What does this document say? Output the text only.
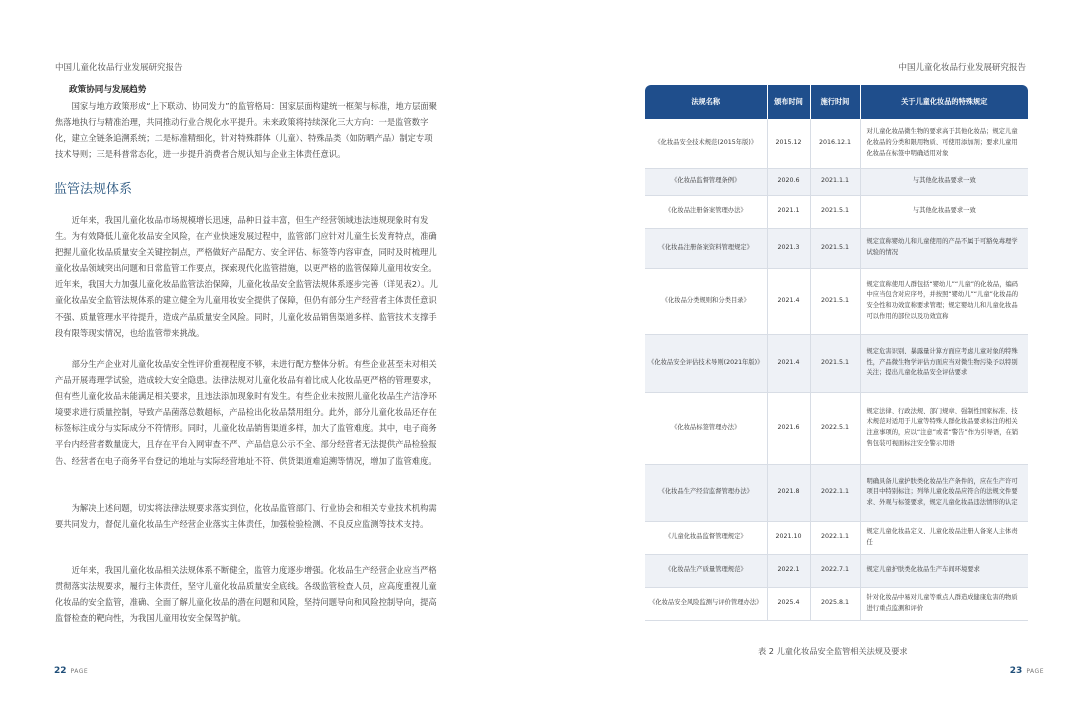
中国儿童化妆品行业发展研究报告
政策协同与发展趋势

国家与地方政策形成“上下联动、协同发力”的监管格局：国家层面构建统一框架与标准，地方层面聚焦落地执行与精准治理，共同推动行业合规化水平提升。未来政策将持续深化三大方向：一是监管数字化，建立全链条追溯系统；二是标准精细化，针对特殊群体（儿童）、特殊品类（如防晒产品）制定专项技术导则；三是科普常态化，进一步提升消费者合规认知与企业主体责任意识。

监管法规体系

近年来，我国儿童化妆品市场规模增长迅速，品种日益丰富，但生产经营领域违法违规现象时有发生。为有效降低儿童化妆品安全风险，在产业快速发展过程中，监管部门应针对儿童生长发育特点，准确把握儿童化妆品质量安全关键控制点，严格做好产品配方、安全评估、标签等内容审查，同时及时梳理儿童化妆品领域突出问题和日常监管工作要点，探索现代化监管措施，以更严格的监管保障儿童用妆安全。近年来，我国大力加强儿童化妆品监管法治保障，儿童化妆品安全监管法规体系逐步完善（详见表2）。儿童化妆品安全监管法规体系的建立健全为儿童用妆安全提供了保障，但仍有部分生产经营者主体责任意识不强、质量管理水平待提升，造成产品质量安全风险。同时，儿童化妆品销售渠道多样、监管技术支撑手段有限等现实情况，也给监管带来挑战。

部分生产企业对儿童化妆品安全性评价重视程度不够，未进行配方整体分析。有些企业甚至未对相关产品开展毒理学试验，造成较大安全隐患。法律法规对儿童化妆品有着比成人化妆品更严格的管理要求，但有些儿童化妆品未能满足相关要求，且违法添加现象时有发生。有些企业未按照儿童化妆品生产洁净环境要求进行质量控制，导致产品菌落总数超标，产品检出化妆品禁用组分。此外，部分儿童化妆品还存在标签标注成分与实际成分不符情形。同时，儿童化妆品销售渠道多样，加大了监管难度。其中，电子商务平台内经营者数量庞大，且存在平台入网审查不严、产品信息公示不全、部分经营者无法提供产品检验报告、经营者在电子商务平台登记的地址与实际经营地址不符、供货渠道难追溯等情况，增加了监管难度。

为解决上述问题，切实将法律法规要求落实到位，化妆品监管部门、行业协会和相关专业技术机构需要共同发力，督促儿童化妆品生产经营企业落实主体责任，加强检验检测、不良反应监测等技术支持。

近年来，我国儿童化妆品相关法规体系不断健全，监管力度逐步增强。化妆品生产经营企业应当严格贯彻落实法规要求，履行主体责任，坚守儿童化妆品质量安全底线。各级监管检查人员，应高度重视儿童化妆品的安全监管，准确、全面了解儿童化妆品的潜在问题和风险，坚持问题导向和风险控制导向，提高监督检查的靶向性，为我国儿童用妆安全保驾护航。

22 PAGE
中国儿童化妆品行业发展研究报告
23 PAGE
法规名称	颁布时间	施行时间	关于儿童化妆品的特殊规定
《化妆品安全技术规范(2015年版)》	2015.12	2016.12.1	对儿童化妆品微生物的要求高于其他化妆品；规定儿童化妆品的分类和限用物质、可使用添加剂；要求儿童用化妆品在标签中明确适用对象
《化妆品监督管理条例》	2020.6	2021.1.1	与其他化妆品要求一致
《化妆品注册备案管理办法》	2021.1	2021.5.1	与其他化妆品要求一致
《化妆品注册备案资料管理规定》	2021.3	2021.5.1	规定宣称婴幼儿和儿童使用的产品不属于可豁免毒理学试验的情况
《化妆品分类规则和分类目录》	2021.4	2021.5.1	规定宣称使用人群包括“婴幼儿”“儿童”的化妆品，编码中应当包含对应序号，并按照“婴幼儿”“儿童”化妆品的安全性和功效宣称要求管理；规定婴幼儿和儿童化妆品可以作用的部位以及功效宣称
《化妆品安全评估技术导则(2021年版)》	2021.4	2021.5.1	规定危害识别、暴露量计算方面应考虑儿童对象的特殊性，产品微生物学评估方面应当对微生物污染予以特别关注；提出儿童化妆品安全评估要求
《化妆品标签管理办法》	2021.6	2022.5.1	规定法律、行政法规、部门规章、强制性国家标准、技术规范对适用于儿童等特殊人群化妆品要求标注的相关注意事项的，应以“注意”或者“警告”作为引导语，在销售包装可视面标注安全警示用语
《化妆品生产经营监督管理办法》	2021.8	2022.1.1	明确具备儿童护肤类化妆品生产条件的，应在生产许可项目中特别标注；列举儿童化妆品应符合的法规文件要求、外观与标签要求，规定儿童化妆品违法情形的认定
《儿童化妆品监督管理规定》	2021.10	2022.1.1	规定儿童化妆品定义、儿童化妆品注册人备案人主体责任
《化妆品生产质量管理规范》	2022.1	2022.7.1	规定儿童护肤类化妆品生产车间环境要求
《化妆品安全风险监测与评价管理办法》	2025.4	2025.8.1	针对化妆品中易对儿童等重点人群造成健康危害的物质进行重点监测和评价
表 2 儿童化妆品安全监管相关法规及要求
